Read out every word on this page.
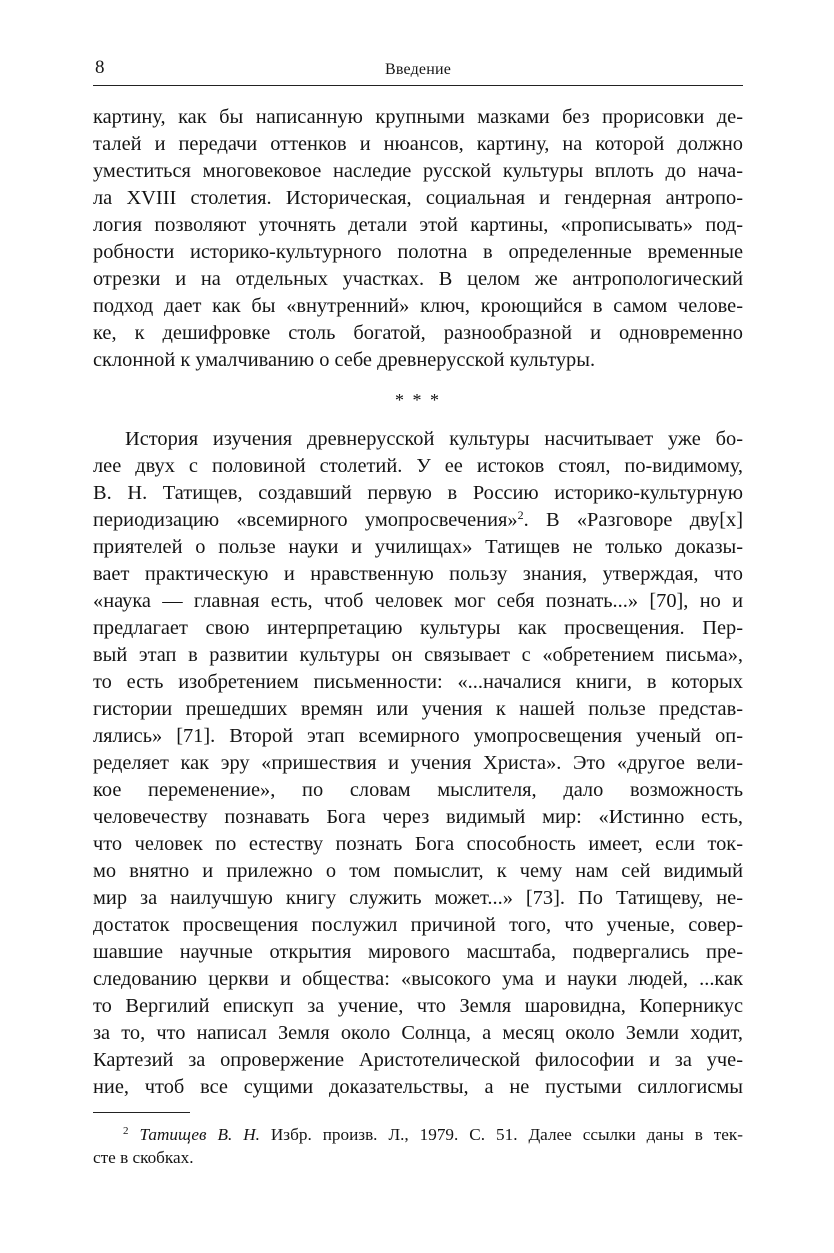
8	Введение
картину, как бы написанную крупными мазками без прорисовки де-
талей и передачи оттенков и нюансов, картину, на которой должно
уместиться многовековое наследие русской культуры вплоть до нача-
ла XVIII столетия. Историческая, социальная и гендерная антропо-
логия позволяют уточнять детали этой картины, «прописывать» под-
робности историко-культурного полотна в определенные временные
отрезки и на отдельных участках. В целом же антропологический
подход дает как бы «внутренний» ключ, кроющийся в самом челове-
ке, к дешифровке столь богатой, разнообразной и одновременно
склонной к умалчиванию о себе древнерусской культуры.
* * *
История изучения древнерусской культуры насчитывает уже бо-
лее двух с половиной столетий. У ее истоков стоял, по-видимому,
В. Н. Татищев, создавший первую в Россию историко-культурную
периодизацию «всемирного умопросвечения»$^2$. В «Разговоре дву[х]
приятелей о пользе науки и училищах» Татищев не только доказы-
вает практическую и нравственную пользу знания, утверждая, что
«наука — главная есть, чтоб человек мог себя познать...» [70], но и
предлагает свою интерпретацию культуры как просвещения. Пер-
вый этап в развитии культуры он связывает с «обретением письма»,
то есть изобретением письменности: «...началися книги, в которых
гистории прешедших времян или учения к нашей пользе представ-
лялись» [71]. Второй этап всемирного умопросвещения ученый оп-
ределяет как эру «пришествия и учения Христа». Это «другое вели-
кое переменение», по словам мыслителя, дало возможность
человечеству познавать Бога через видимый мир: «Истинно есть,
что человек по естеству познать Бога способность имеет, если ток-
мо внятно и прилежно о том помыслит, к чему нам сей видимый
мир за наилучшую книгу служить может...» [73]. По Татищеву, не-
достаток просвещения послужил причиной того, что ученые, совер-
шавшие научные открытия мирового масштаба, подвергались пре-
следованию церкви и общества: «высокого ума и науки людей, ...как
то Вергилий епискуп за учение, что Земля шаровидна, Коперникус
за то, что написал Земля около Солнца, а месяц около Земли ходит,
Картезий за опровержение Аристотелической философии и за уче-
ние, чтоб все сущими доказательствы, а не пустыми силлогисмы
$^2$ Татищев В. Н. Избр. произв. Л., 1979. С. 51. Далее ссылки даны в тек-
сте в скобках.
